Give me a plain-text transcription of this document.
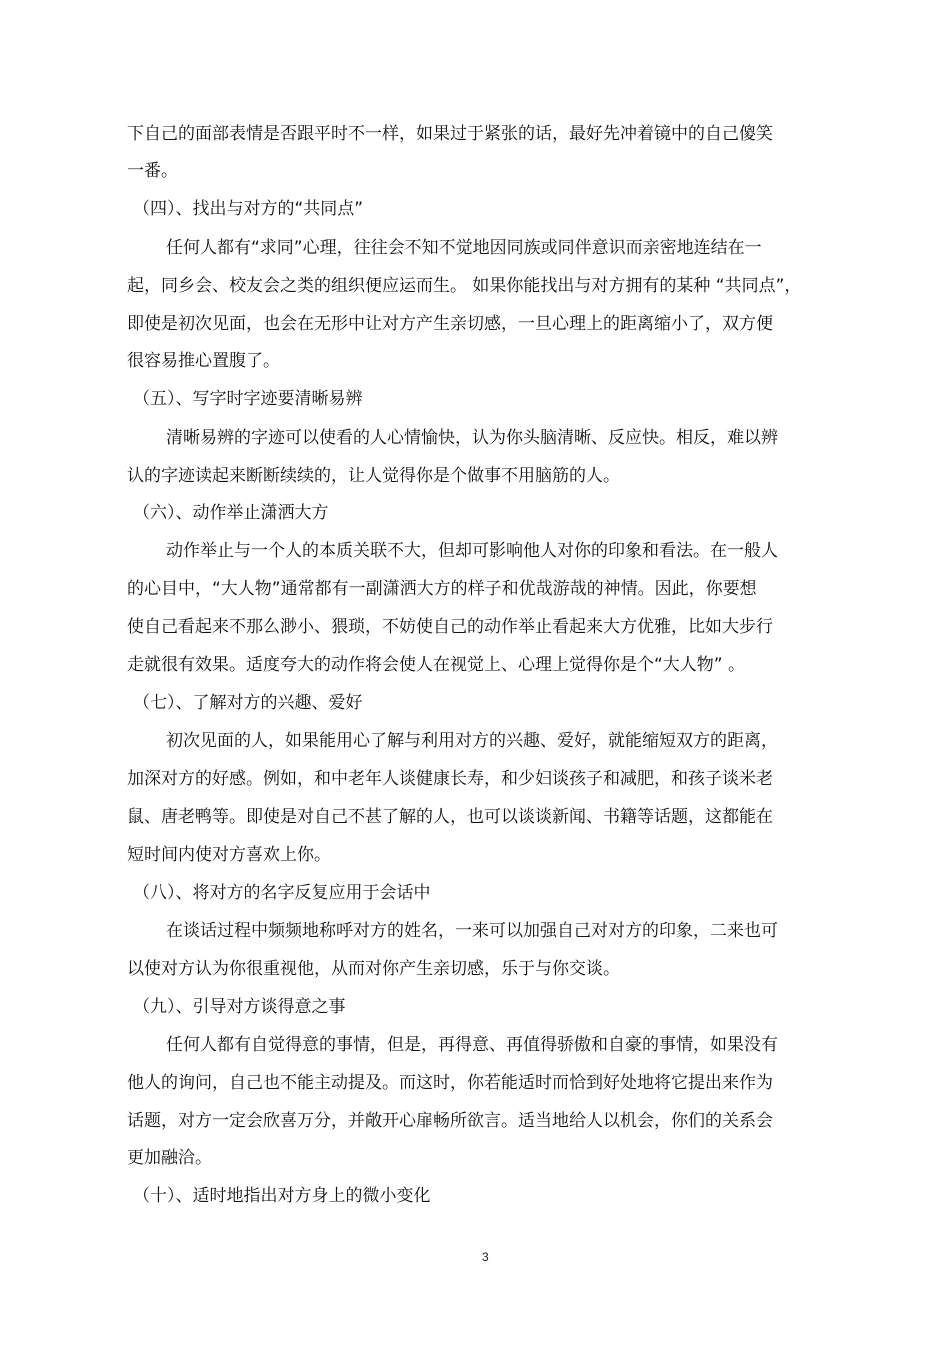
下自己的面部表情是否跟平时不一样，如果过于紧张的话，最好先冲着镜中的自己傻笑

一番。

（四）、找出与对方的“共同点”

任何人都有“求同”心理，往往会不知不觉地因同族或同伴意识而亲密地连结在一

起，同乡会、校友会之类的组织便应运而生。 如果你能找出与对方拥有的某种 “共同点”，

即使是初次见面，也会在无形中让对方产生亲切感，一旦心理上的距离缩小了，双方便

很容易推心置腹了。

（五）、写字时字迹要清晰易辨

清晰易辨的字迹可以使看的人心情愉快，认为你头脑清晰、反应快。相反，难以辨

认的字迹读起来断断续续的，让人觉得你是个做事不用脑筋的人。

（六）、动作举止潇洒大方

动作举止与一个人的本质关联不大，但却可影响他人对你的印象和看法。在一般人

的心目中，“大人物”通常都有一副潇洒大方的样子和优哉游哉的神情。因此，你要想

使自己看起来不那么渺小、猥琐，不妨使自己的动作举止看起来大方优雅，比如大步行

走就很有效果。适度夸大的动作将会使人在视觉上、心理上觉得你是个“大人物” 。

（七）、了解对方的兴趣、爱好

初次见面的人，如果能用心了解与利用对方的兴趣、爱好，就能缩短双方的距离，

加深对方的好感。例如，和中老年人谈健康长寿，和少妇谈孩子和减肥，和孩子谈米老

鼠、唐老鸭等。即使是对自己不甚了解的人，也可以谈谈新闻、书籍等话题，这都能在

短时间内使对方喜欢上你。

（八）、将对方的名字反复应用于会话中

在谈话过程中频频地称呼对方的姓名，一来可以加强自己对对方的印象，二来也可

以使对方认为你很重视他，从而对你产生亲切感，乐于与你交谈。

（九）、引导对方谈得意之事

任何人都有自觉得意的事情，但是，再得意、再值得骄傲和自豪的事情，如果没有

他人的询问，自己也不能主动提及。而这时，你若能适时而恰到好处地将它提出来作为

话题，对方一定会欣喜万分，并敞开心扉畅所欲言。适当地给人以机会，你们的关系会

更加融洽。

（十）、适时地指出对方身上的微小变化

3
